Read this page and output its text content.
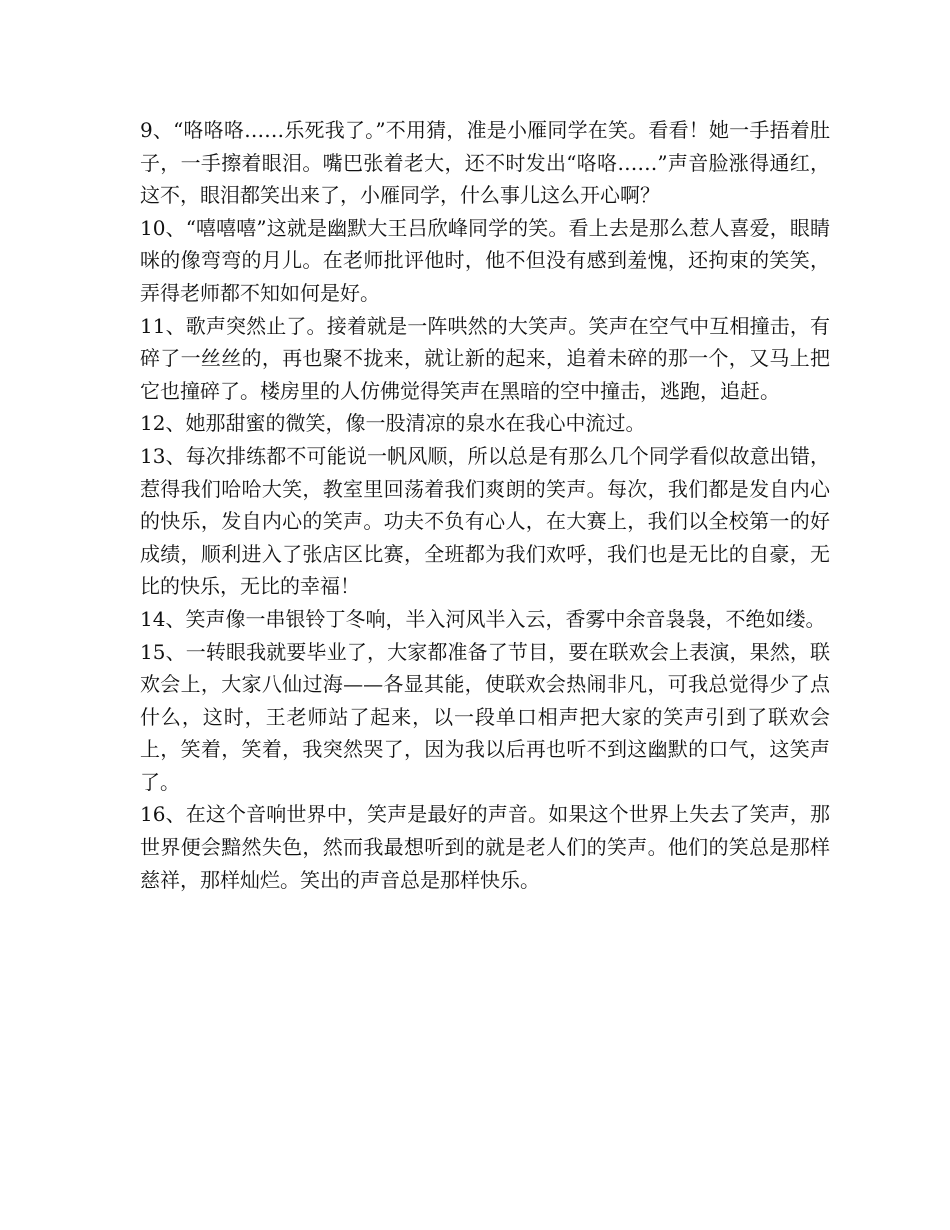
9、“咯咯咯……乐死我了。”不用猜，准是小雁同学在笑。看看！她一手捂着肚子，一手擦着眼泪。嘴巴张着老大，还不时发出“咯咯……”声音脸涨得通红，这不，眼泪都笑出来了，小雁同学，什么事儿这么开心啊？

10、“嘻嘻嘻”这就是幽默大王吕欣峰同学的笑。看上去是那么惹人喜爱，眼睛咪的像弯弯的月儿。在老师批评他时，他不但没有感到羞愧，还拘束的笑笑，弄得老师都不知如何是好。

11、歌声突然止了。接着就是一阵哄然的大笑声。笑声在空气中互相撞击，有碎了一丝丝的，再也聚不拢来，就让新的起来，追着未碎的那一个，又马上把它也撞碎了。楼房里的人仿佛觉得笑声在黑暗的空中撞击，逃跑，追赶。

12、她那甜蜜的微笑，像一股清凉的泉水在我心中流过。

13、每次排练都不可能说一帆风顺，所以总是有那么几个同学看似故意出错，惹得我们哈哈大笑，教室里回荡着我们爽朗的笑声。每次，我们都是发自内心的快乐，发自内心的笑声。功夫不负有心人，在大赛上，我们以全校第一的好成绩，顺利进入了张店区比赛，全班都为我们欢呼，我们也是无比的自豪，无比的快乐，无比的幸福！

14、笑声像一串银铃丁冬响，半入河风半入云，香雾中余音袅袅，不绝如缕。

15、一转眼我就要毕业了，大家都准备了节目，要在联欢会上表演，果然，联欢会上，大家八仙过海——各显其能，使联欢会热闹非凡，可我总觉得少了点什么，这时，王老师站了起来，以一段单口相声把大家的笑声引到了联欢会上，笑着，笑着，我突然哭了，因为我以后再也听不到这幽默的口气，这笑声了。

16、在这个音响世界中，笑声是最好的声音。如果这个世界上失去了笑声，那世界便会黯然失色，然而我最想听到的就是老人们的笑声。他们的笑总是那样慈祥，那样灿烂。笑出的声音总是那样快乐。
